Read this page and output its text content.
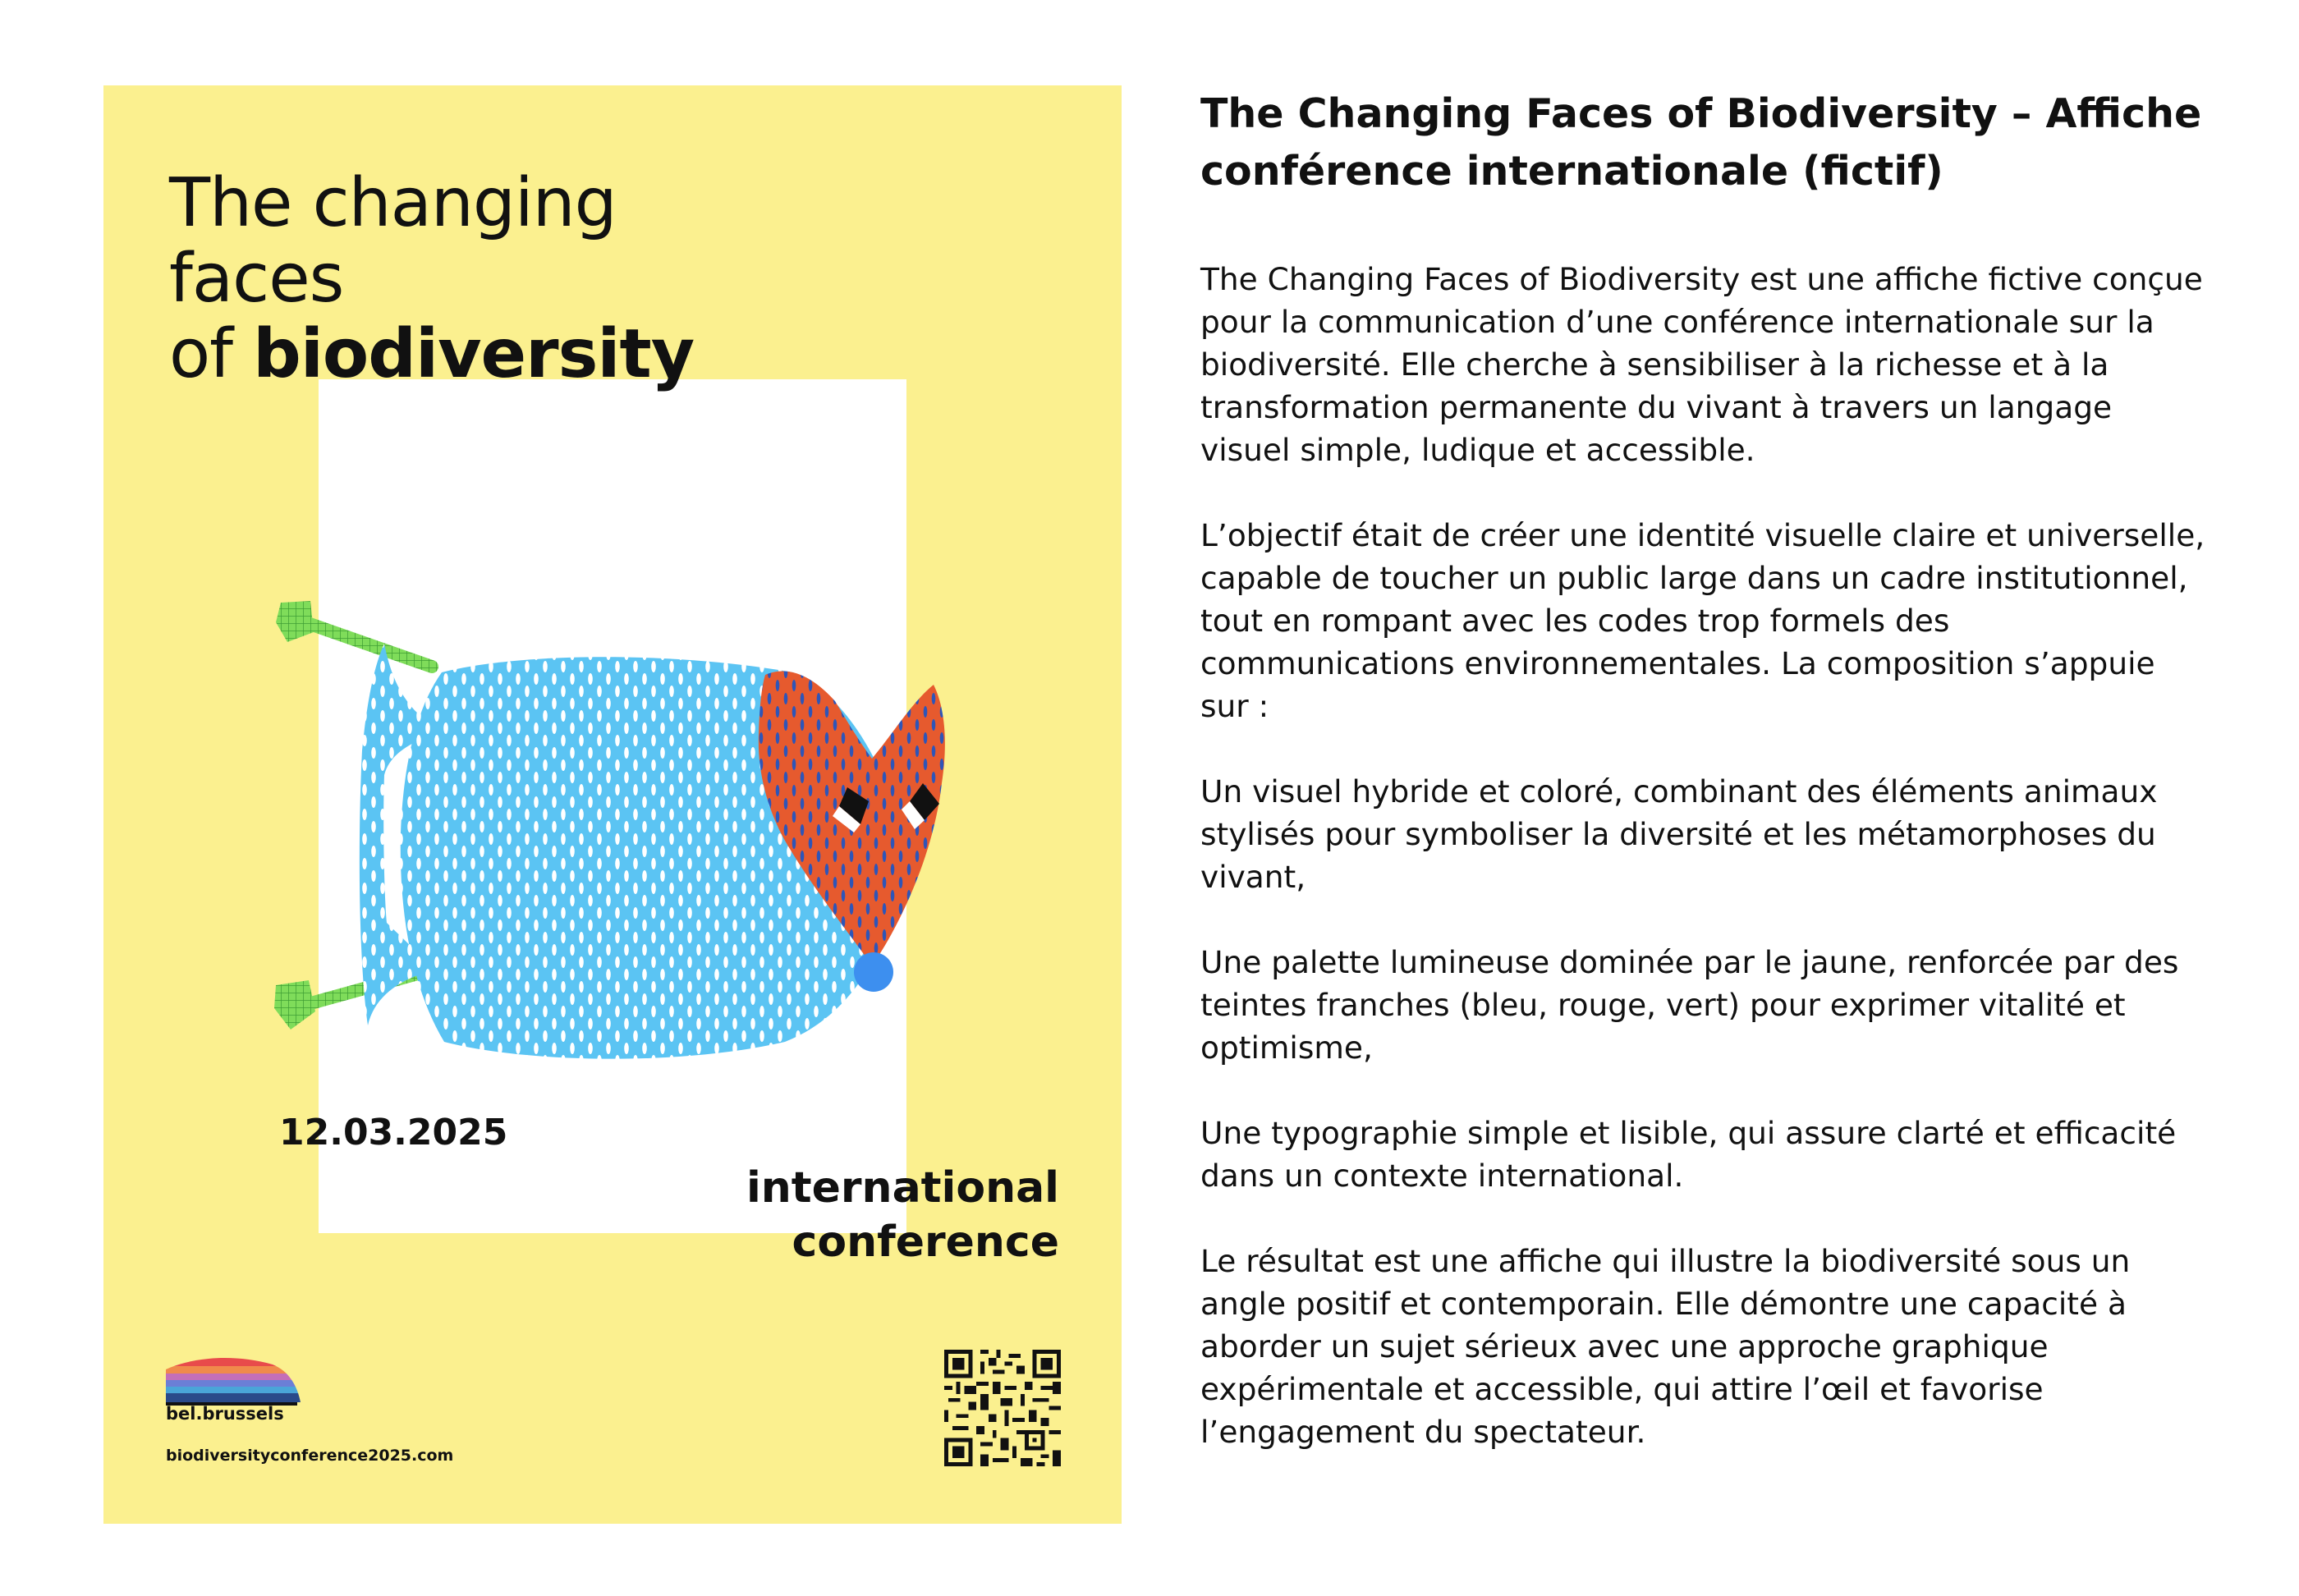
The changing
faces
of biodiversity
12.03.2025
international
conference
bel.brussels
biodiversityconference2025.com
The Changing Faces of Biodiversity – Affiche conférence internationale (fictif)

The Changing Faces of Biodiversity est une affiche fictive conçue pour la communication d’une conférence internationale sur la biodiversité. Elle cherche à sensibiliser à la richesse et à la transformation permanente du vivant à travers un langage visuel simple, ludique et accessible.

L’objectif était de créer une identité visuelle claire et universelle, capable de toucher un public large dans un cadre institutionnel, tout en rompant avec les codes trop formels des communications environnementales. La composition s’appuie sur :

Un visuel hybride et coloré, combinant des éléments animaux stylisés pour symboliser la diversité et les métamorphoses du vivant,

Une palette lumineuse dominée par le jaune, renforcée par des teintes franches (bleu, rouge, vert) pour exprimer vitalité et optimisme,

Une typographie simple et lisible, qui assure clarté et efficacité dans un contexte international.

Le résultat est une affiche qui illustre la biodiversité sous un angle positif et contemporain. Elle démontre une capacité à aborder un sujet sérieux avec une approche graphique expérimentale et accessible, qui attire l’œil et favorise l’engagement du spectateur.
